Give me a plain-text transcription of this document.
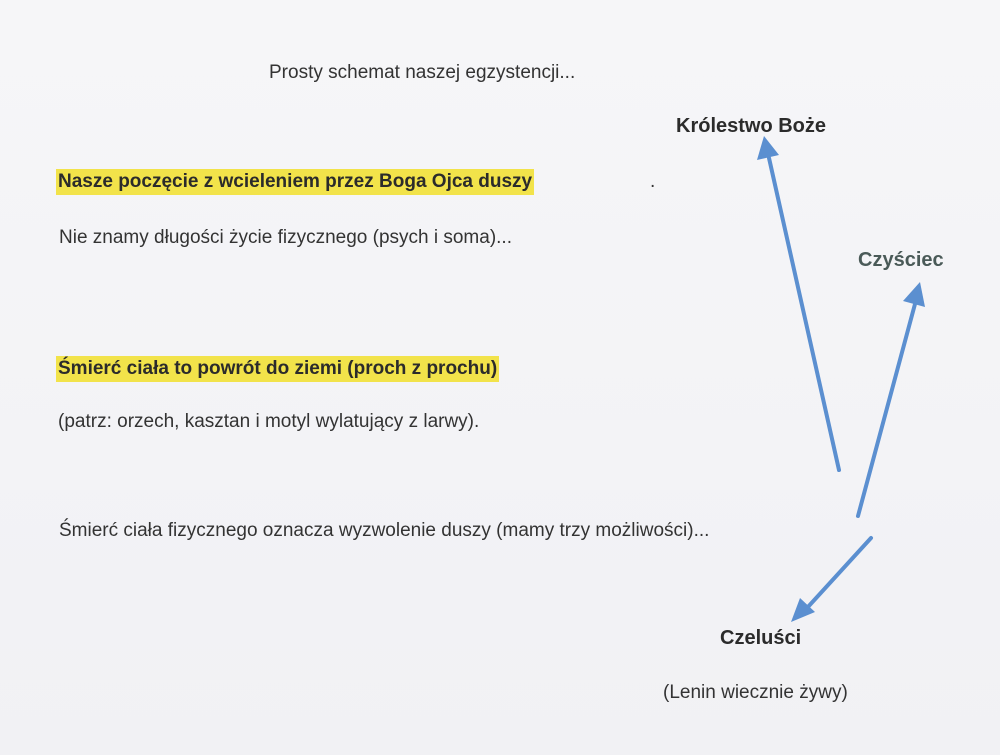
Prosty schemat naszej egzystencji...
Nasze poczęcie z wcieleniem przez Boga Ojca duszy	.
Nie znamy długości życie fizycznego (psych i soma)...
Śmierć ciała to powrót do ziemi (proch z prochu)
(patrz: orzech, kasztan i motyl wylatujący z larwy).
Śmierć ciała fizycznego oznacza wyzwolenie duszy (mamy trzy możliwości)...
Królestwo Boże
Czyściec
Czeluści
(Lenin wiecznie żywy)
